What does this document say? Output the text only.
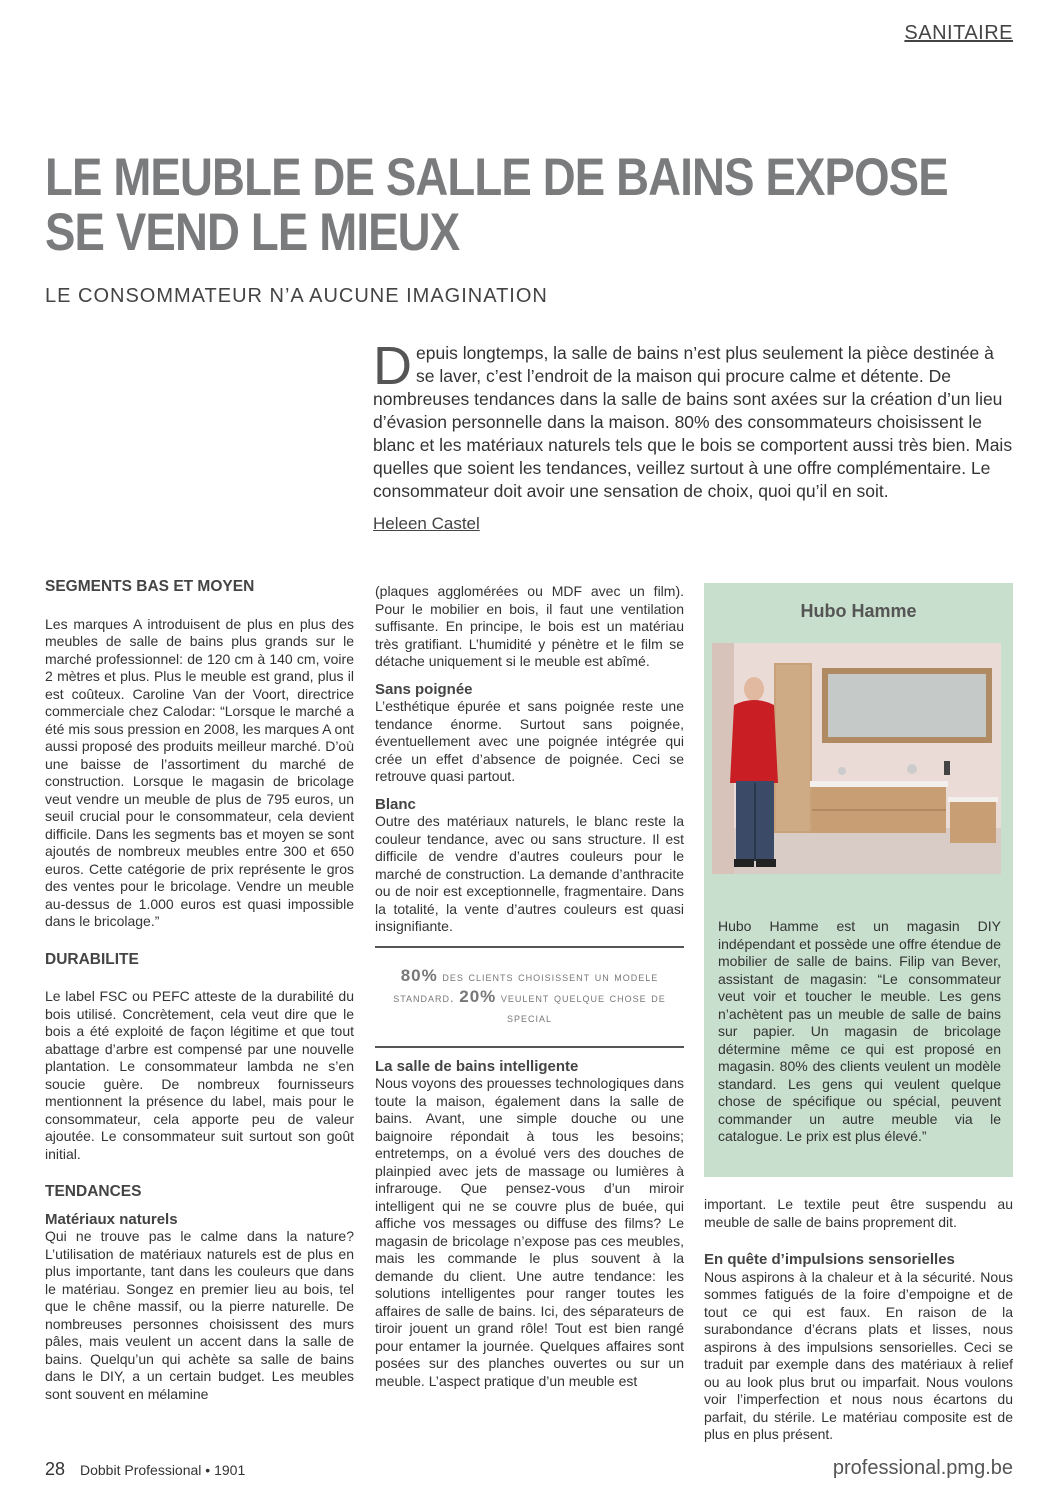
SANITAIRE
LE MEUBLE DE SALLE DE BAINS EXPOSE
SE VEND LE MIEUX
LE CONSOMMATEUR N’A AUCUNE IMAGINATION
Depuis longtemps, la salle de bains n’est plus seulement la pièce destinée à se laver, c’est l’endroit de la maison qui procure calme et détente. De nombreuses tendances dans la salle de bains sont axées sur la création d’un lieu d’évasion personnelle dans la maison. 80% des consommateurs choisissent le blanc et les matériaux naturels tels que le bois se comportent aussi très bien. Mais quelles que soient les tendances, veillez surtout à une offre complémentaire. Le consommateur doit avoir une sensation de choix, quoi qu’il en soit.
Heleen Castel
SEGMENTS BAS ET MOYEN

Les marques A introduisent de plus en plus des meubles de salle de bains plus grands sur le marché professionnel: de 120 cm à 140 cm, voire 2 mètres et plus. Plus le meuble est grand, plus il est coûteux. Caroline Van der Voort, directrice commerciale chez Calodar: “Lorsque le marché a été mis sous pression en 2008, les marques A ont aussi proposé des produits meilleur marché. D’où une baisse de l’assortiment du marché de construction. Lorsque le magasin de bricolage veut vendre un meuble de plus de 795 euros, un seuil crucial pour le consommateur, cela devient difficile. Dans les segments bas et moyen se sont ajoutés de nombreux meubles entre 300 et 650 euros. Cette catégorie de prix représente le gros des ventes pour le bricolage. Vendre un meuble au-dessus de 1.000 euros est quasi impossible dans le bricolage.”

DURABILITE

Le label FSC ou PEFC atteste de la durabilité du bois utilisé. Concrètement, cela veut dire que le bois a été exploité de façon légitime et que tout abattage d’arbre est compensé par une nouvelle plantation. Le consommateur lambda ne s’en soucie guère. De nombreux fournisseurs mentionnent la présence du label, mais pour le consommateur, cela apporte peu de valeur ajoutée. Le consommateur suit surtout son goût initial.

TENDANCES
Matériaux naturels

Qui ne trouve pas le calme dans la nature? L’utilisation de matériaux naturels est de plus en plus importante, tant dans les couleurs que dans le matériau. Songez en premier lieu au bois, tel que le chêne massif, ou la pierre naturelle. De nombreuses personnes choisissent des murs pâles, mais veulent un accent dans la salle de bains. Quelqu’un qui achète sa salle de bains dans le DIY, a un certain budget. Les meubles sont souvent en mélamine

(plaques agglomérées ou MDF avec un film). Pour le mobilier en bois, il faut une ventilation suffisante. En principe, le bois est un matériau très gratifiant. L’humidité y pénètre et le film se détache uniquement si le meuble est abîmé.

Sans poignée

L’esthétique épurée et sans poignée reste une tendance énorme. Surtout sans poignée, éventuellement avec une poignée intégrée qui crée un effet d’absence de poignée. Ceci se retrouve quasi partout.

Blanc

Outre des matériaux naturels, le blanc reste la couleur tendance, avec ou sans structure. Il est difficile de vendre d’autres couleurs pour le marché de construction. La demande d’anthracite ou de noir est exceptionnelle, fragmentaire. Dans la totalité, la vente d’autres couleurs est quasi insignifiante.

80% des clients choisissent un modele standard. 20% veulent quelque chose de special
La salle de bains intelligente

Nous voyons des prouesses technologiques dans toute la maison, également dans la salle de bains. Avant, une simple douche ou une baignoire répondait à tous les besoins; entretemps, on a évolué vers des douches de plainpied avec jets de massage ou lumières à infrarouge. Que pensez-vous d’un miroir intelligent qui ne se couvre plus de buée, qui affiche vos messages ou diffuse des films? Le magasin de bricolage n’expose pas ces meubles, mais les commande le plus souvent à la demande du client. Une autre tendance: les solutions intelligentes pour ranger toutes les affaires de salle de bains. Ici, des séparateurs de tiroir jouent un grand rôle! Tout est bien rangé pour entamer la journée. Quelques affaires sont posées sur des planches ouvertes ou sur un meuble. L’aspect pratique d’un meuble est

Hubo Hamme
Hubo Hamme est un magasin DIY indépendant et possède une offre étendue de mobilier de salle de bains. Filip van Bever, assistant de magasin: “Le consommateur veut voir et toucher le meuble. Les gens n’achètent pas un meuble de salle de bains sur papier. Un magasin de bricolage détermine même ce qui est proposé en magasin. 80% des clients veulent un modèle standard. Les gens qui veulent quelque chose de spécifique ou spécial, peuvent commander un autre meuble via le catalogue. Le prix est plus élevé.”

important. Le textile peut être suspendu au meuble de salle de bains proprement dit.

En quête d’impulsions sensorielles

Nous aspirons à la chaleur et à la sécurité. Nous sommes fatigués de la foire d’empoigne et de tout ce qui est faux. En raison de la surabondance d’écrans plats et lisses, nous aspirons à des impulsions sensorielles. Ceci se traduit par exemple dans des matériaux à relief ou au look plus brut ou imparfait. Nous voulons voir l’imperfection et nous nous écartons du parfait, du stérile. Le matériau composite est de plus en plus présent.

28 Dobbit Professional • 1901	professional.pmg.be
